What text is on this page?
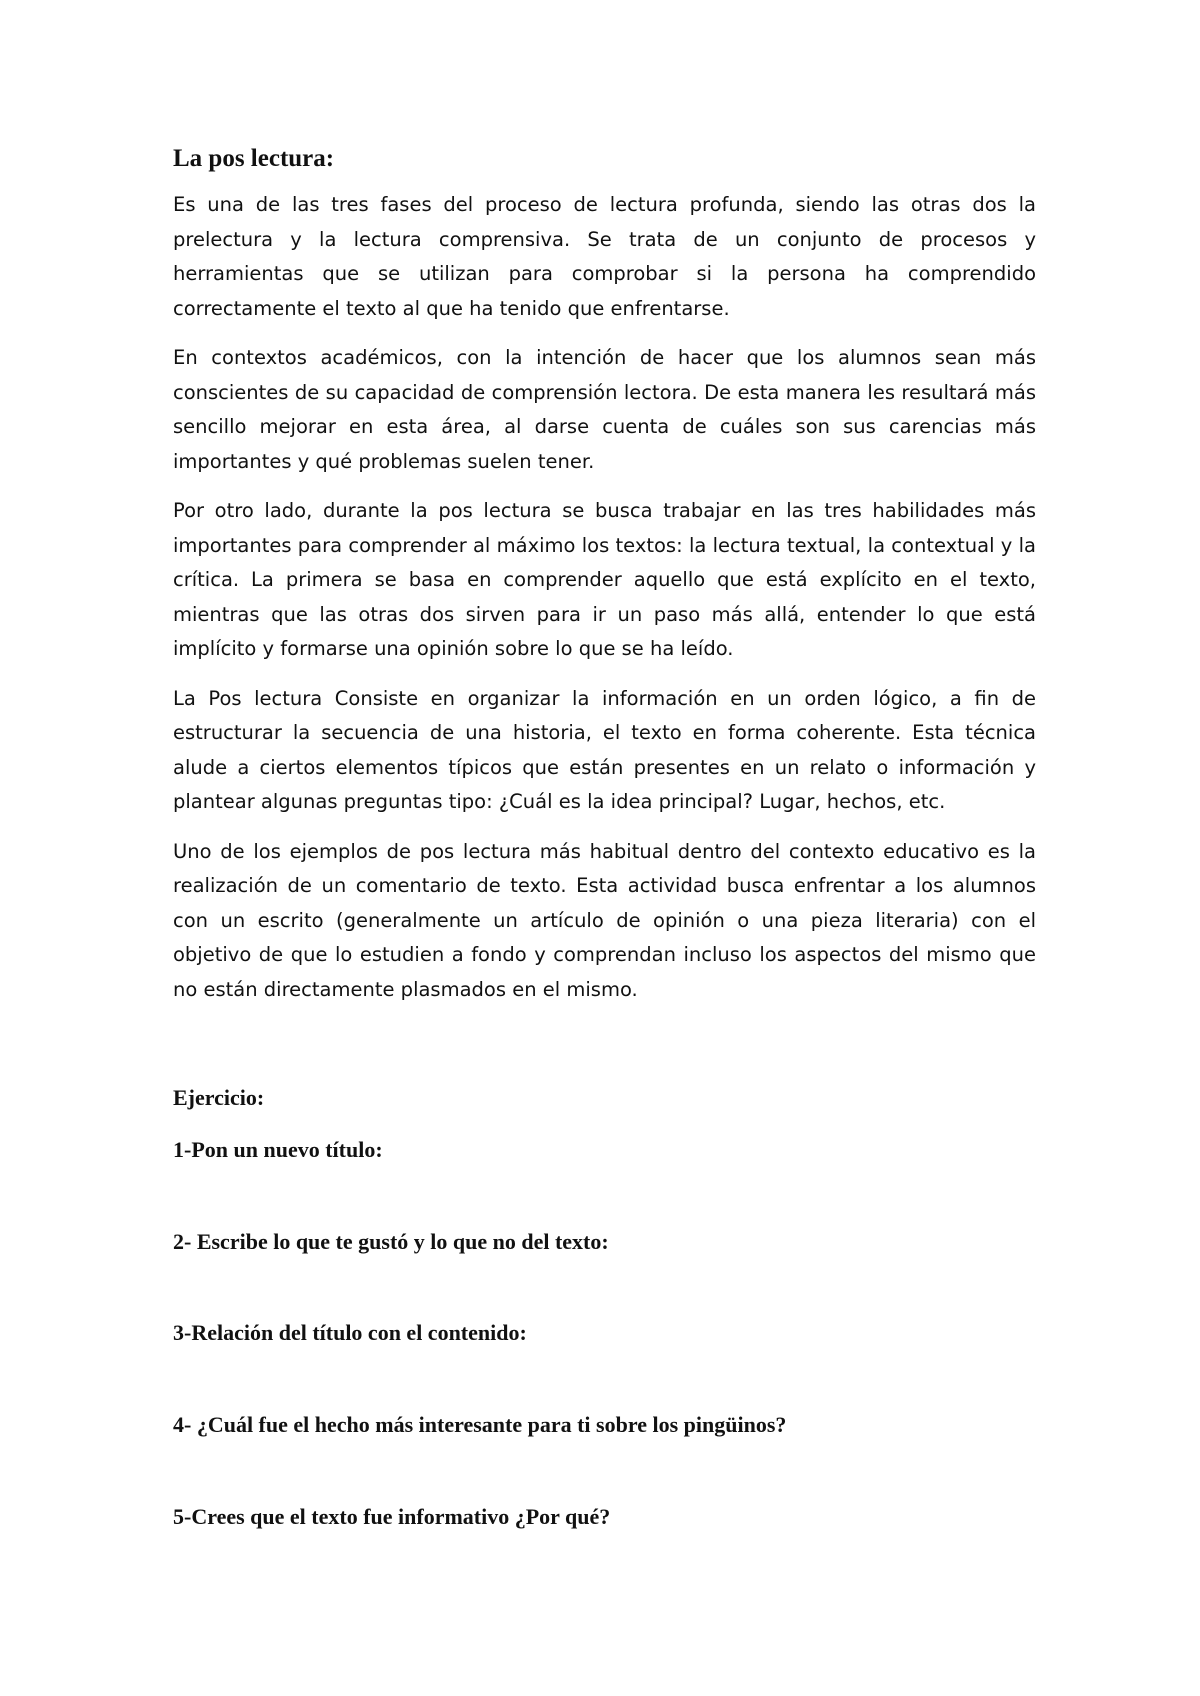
La pos lectura:

Es una de las tres fases del proceso de lectura profunda, siendo las otras dos la prelectura y la lectura comprensiva. Se trata de un conjunto de procesos y herramientas que se utilizan para comprobar si la persona ha comprendido correctamente el texto al que ha tenido que enfrentarse.

En contextos académicos, con la intención de hacer que los alumnos sean más conscientes de su capacidad de comprensión lectora. De esta manera les resultará más sencillo mejorar en esta área, al darse cuenta de cuáles son sus carencias más importantes y qué problemas suelen tener.

Por otro lado, durante la pos lectura se busca trabajar en las tres habilidades más importantes para comprender al máximo los textos: la lectura textual, la contextual y la crítica. La primera se basa en comprender aquello que está explícito en el texto, mientras que las otras dos sirven para ir un paso más allá, entender lo que está implícito y formarse una opinión sobre lo que se ha leído.

La Pos lectura Consiste en organizar la información en un orden lógico, a fin de estructurar la secuencia de una historia, el texto en forma coherente. Esta técnica alude a ciertos elementos típicos que están presentes en un relato o información y plantear algunas preguntas tipo: ¿Cuál es la idea principal? Lugar, hechos, etc.

Uno de los ejemplos de pos lectura más habitual dentro del contexto educativo es la realización de un comentario de texto. Esta actividad busca enfrentar a los alumnos con un escrito (generalmente un artículo de opinión o una pieza literaria) con el objetivo de que lo estudien a fondo y comprendan incluso los aspectos del mismo que no están directamente plasmados en el mismo.

Ejercicio:

1-Pon un nuevo título:

2- Escribe lo que te gustó y lo que no del texto:

3-Relación del título con el contenido:

4- ¿Cuál fue el hecho más interesante para ti sobre los pingüinos?

5-Crees que el texto fue informativo ¿Por qué?
